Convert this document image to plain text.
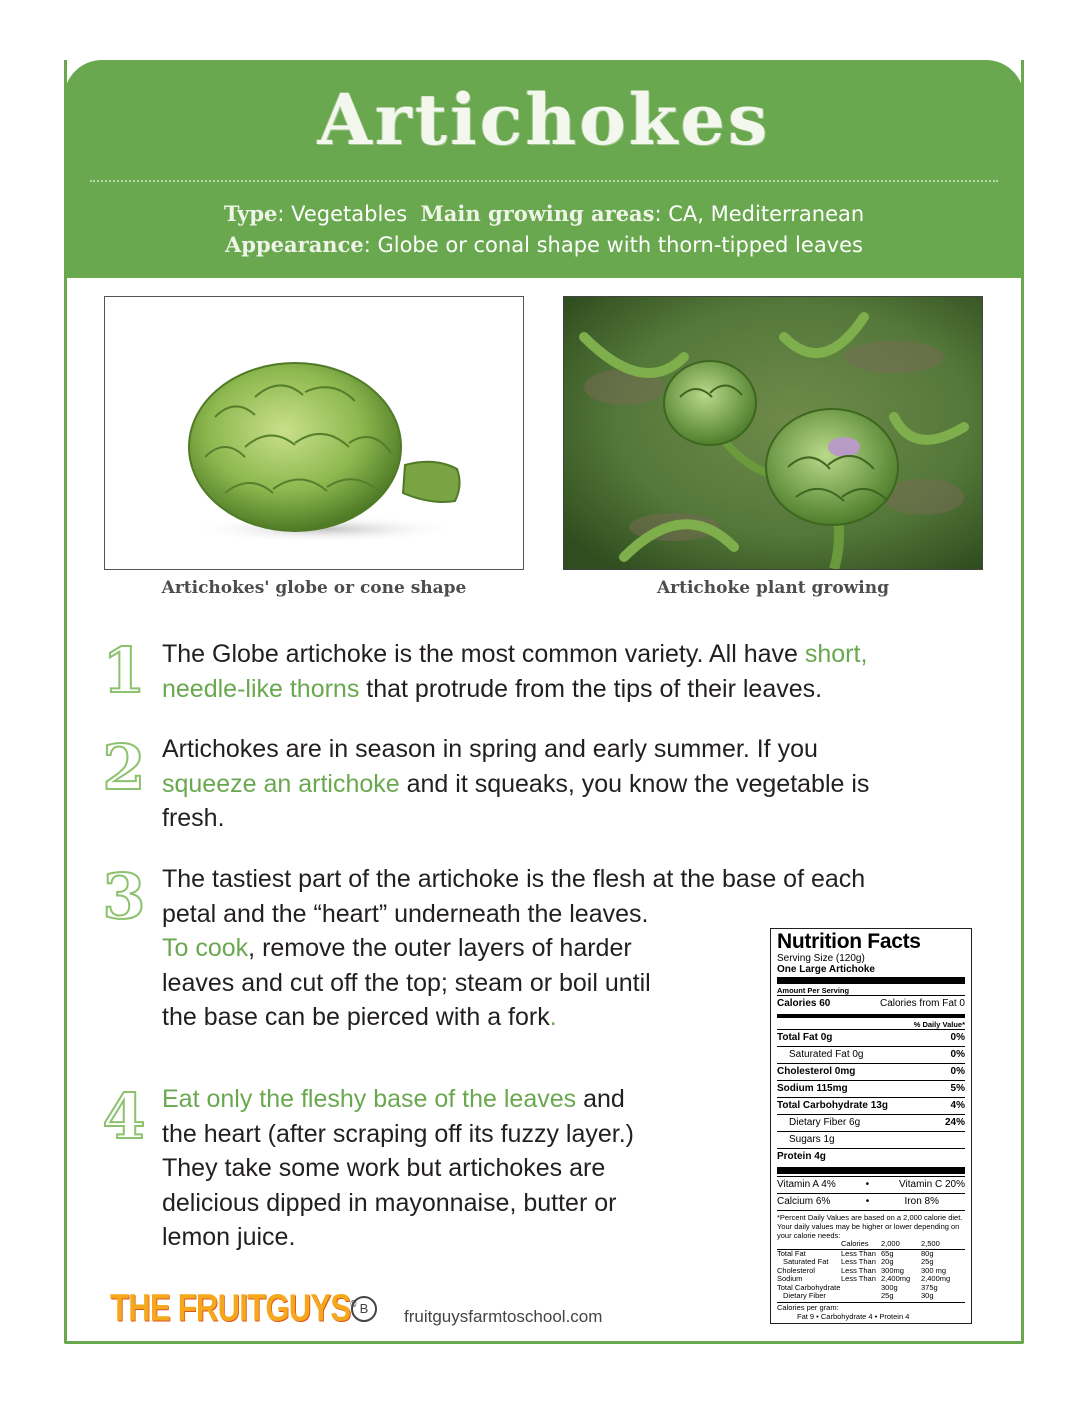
Artichokes
Type: Vegetables Main growing areas: CA, Mediterranean
Appearance: Globe or conal shape with thorn-tipped leaves
Artichokes' globe or cone shape	Artichoke plant growing
1 The Globe artichoke is the most common variety. All have short,
needle-like thorns that protrude from the tips of their leaves.
2 Artichokes are in season in spring and early summer. If you
squeeze an artichoke and it squeaks, you know the vegetable is
fresh.
3 The tastiest part of the artichoke is the flesh at the base of each
petal and the “heart” underneath the leaves.
To cook, remove the outer layers of harder
leaves and cut off the top; steam or boil until
the base can be pierced with a fork.
4 Eat only the fleshy base of the leaves and
the heart (after scraping off its fuzzy layer.)
They take some work but artichokes are
delicious dipped in mayonnaise, butter or
lemon juice.
Nutrition Facts
Serving Size (120g)
One Large Artichoke
Amount Per Serving
Calories 60	Calories from Fat 0
% Daily Value*
Total Fat 0g	0%
Saturated Fat 0g	0%
Cholesterol 0mg	0%
Sodium 115mg	5%
Total Carbohydrate 13g	4%
Dietary Fiber 6g	24%
Sugars 1g
Protein 4g
Vitamin A 4%	•	Vitamin C 20%
Calcium 6%	•	Iron 8%
*Percent Daily Values are based on a 2,000 calorie diet. Your daily values may be higher or lower depending on your calorie needs:
Calories	2,000	2,500
Total Fat	Less Than 65g	80g
Saturated Fat	Less Than 20g	25g
Cholesterol	Less Than 300mg	300 mg
Sodium	Less Than 2,400mg	2,400mg
Total Carbohydrate	300g	375g
Dietary Fiber	25g	30g
Calories per gram:
Fat 9 • Carbohydrate 4 • Protein 4
THE FRUITGUYS® B	fruitguysfarmtoschool.com
